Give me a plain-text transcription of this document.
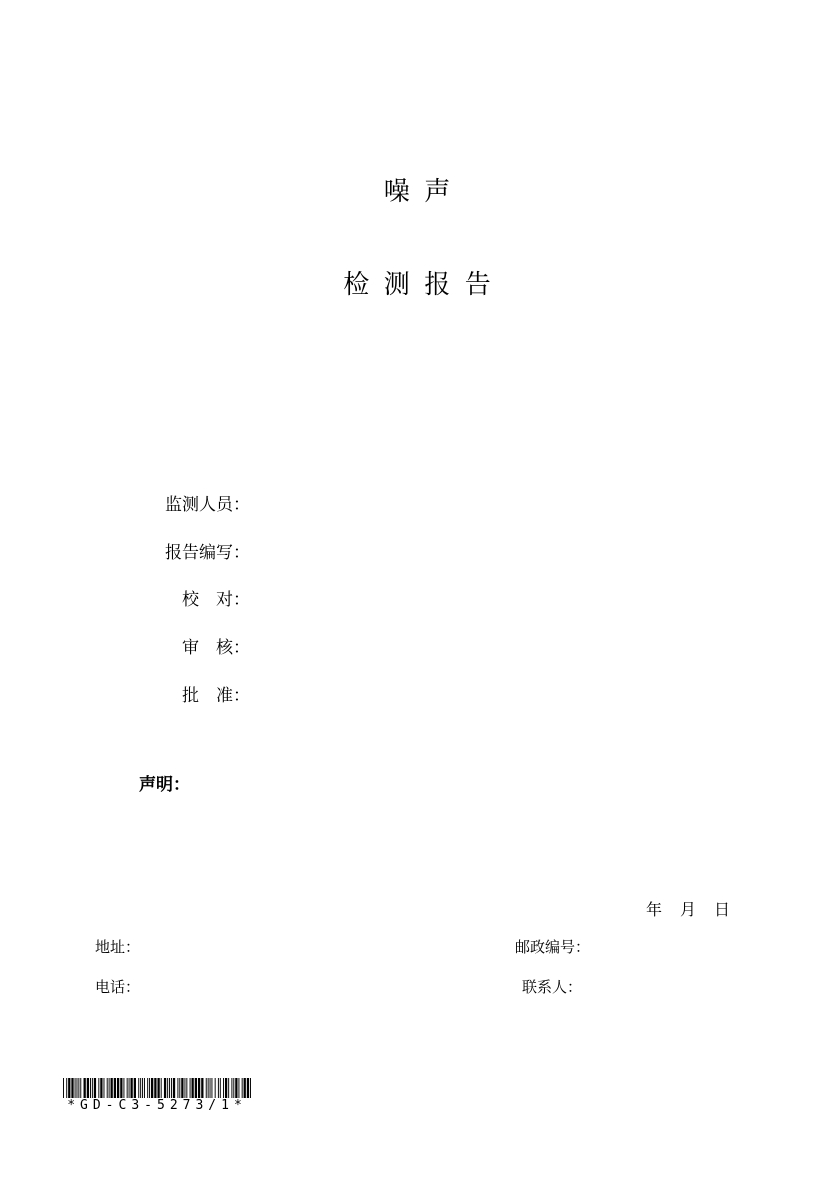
噪 声

检 测 报 告

监测人员：
报告编写：
校　对：
审　核：
批　准：
声明：
年　月　日
地址：	邮政编号：
电话：	联系人：
*GD-C3-5273/1*
